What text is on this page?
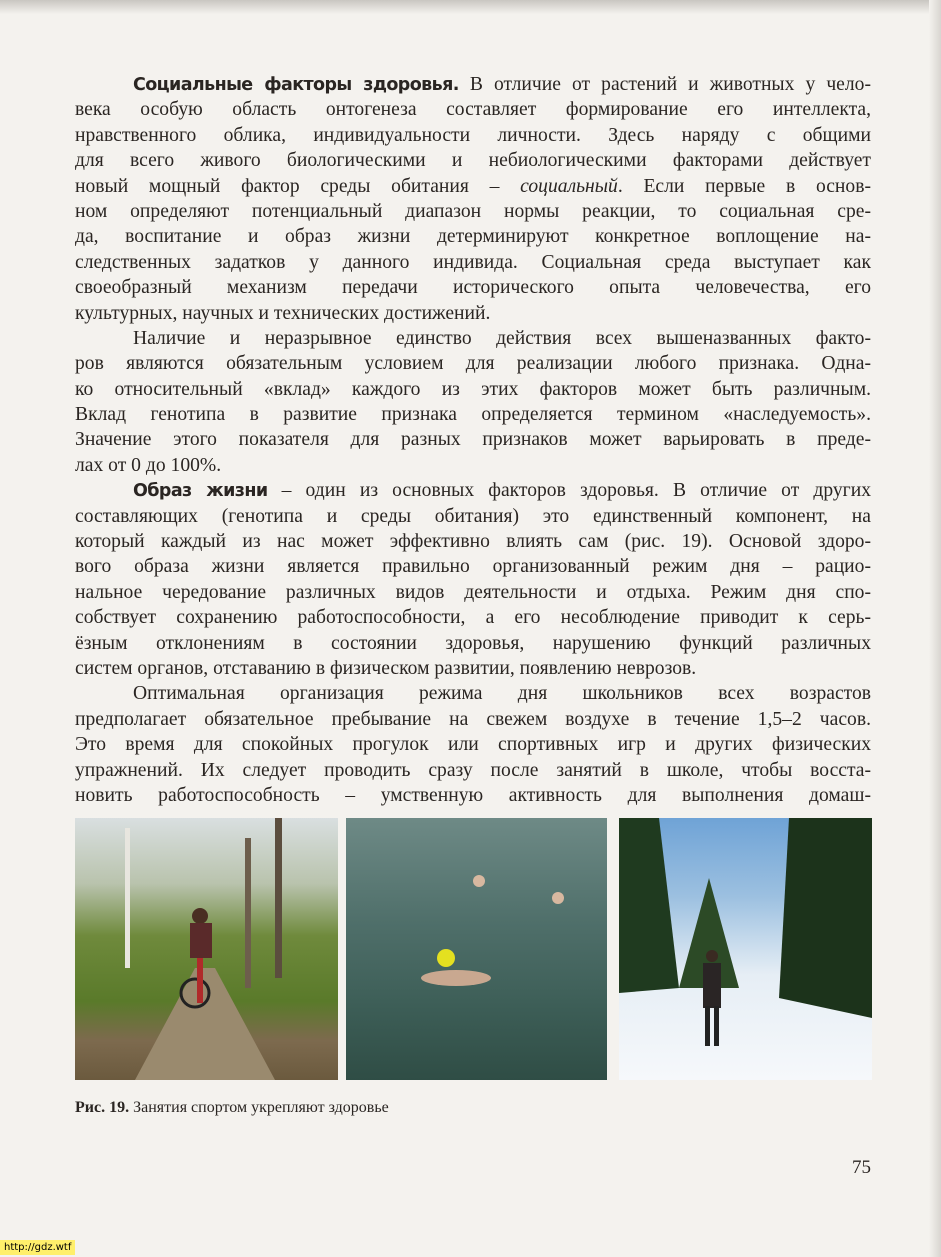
Социальные факторы здоровья. В отличие от растений и животных у чело-
века особую область онтогенеза составляет формирование его интеллекта,
нравственного облика, индивидуальности личности. Здесь наряду с общими
для всего живого биологическими и небиологическими факторами действует
новый мощный фактор среды обитания – социальный. Если первые в основ-
ном определяют потенциальный диапазон нормы реакции, то социальная сре-
да, воспитание и образ жизни детерминируют конкретное воплощение на-
следственных задатков у данного индивида. Социальная среда выступает как
своеобразный механизм передачи исторического опыта человечества, его
культурных, научных и технических достижений.
Наличие и неразрывное единство действия всех вышеназванных факто-
ров являются обязательным условием для реализации любого признака. Одна-
ко относительный «вклад» каждого из этих факторов может быть различным.
Вклад генотипа в развитие признака определяется термином «наследуемость».
Значение этого показателя для разных признаков может варьировать в преде-
лах от 0 до 100%.
Образ жизни – один из основных факторов здоровья. В отличие от других
составляющих (генотипа и среды обитания) это единственный компонент, на
который каждый из нас может эффективно влиять сам (рис. 19). Основой здоро-
вого образа жизни является правильно организованный режим дня – рацио-
нальное чередование различных видов деятельности и отдыха. Режим дня спо-
собствует сохранению работоспособности, а его несоблюдение приводит к серь-
ёзным отклонениям в состоянии здоровья, нарушению функций различных
систем органов, отставанию в физическом развитии, появлению неврозов.
Оптимальная организация режима дня школьников всех возрастов
предполагает обязательное пребывание на свежем воздухе в течение 1,5–2 часов.
Это время для спокойных прогулок или спортивных игр и других физических
упражнений. Их следует проводить сразу после занятий в школе, чтобы восста-
новить работоспособность – умственную активность для выполнения домаш-
Рис. 19. Занятия спортом укрепляют здоровье
75
http://gdz.wtf
